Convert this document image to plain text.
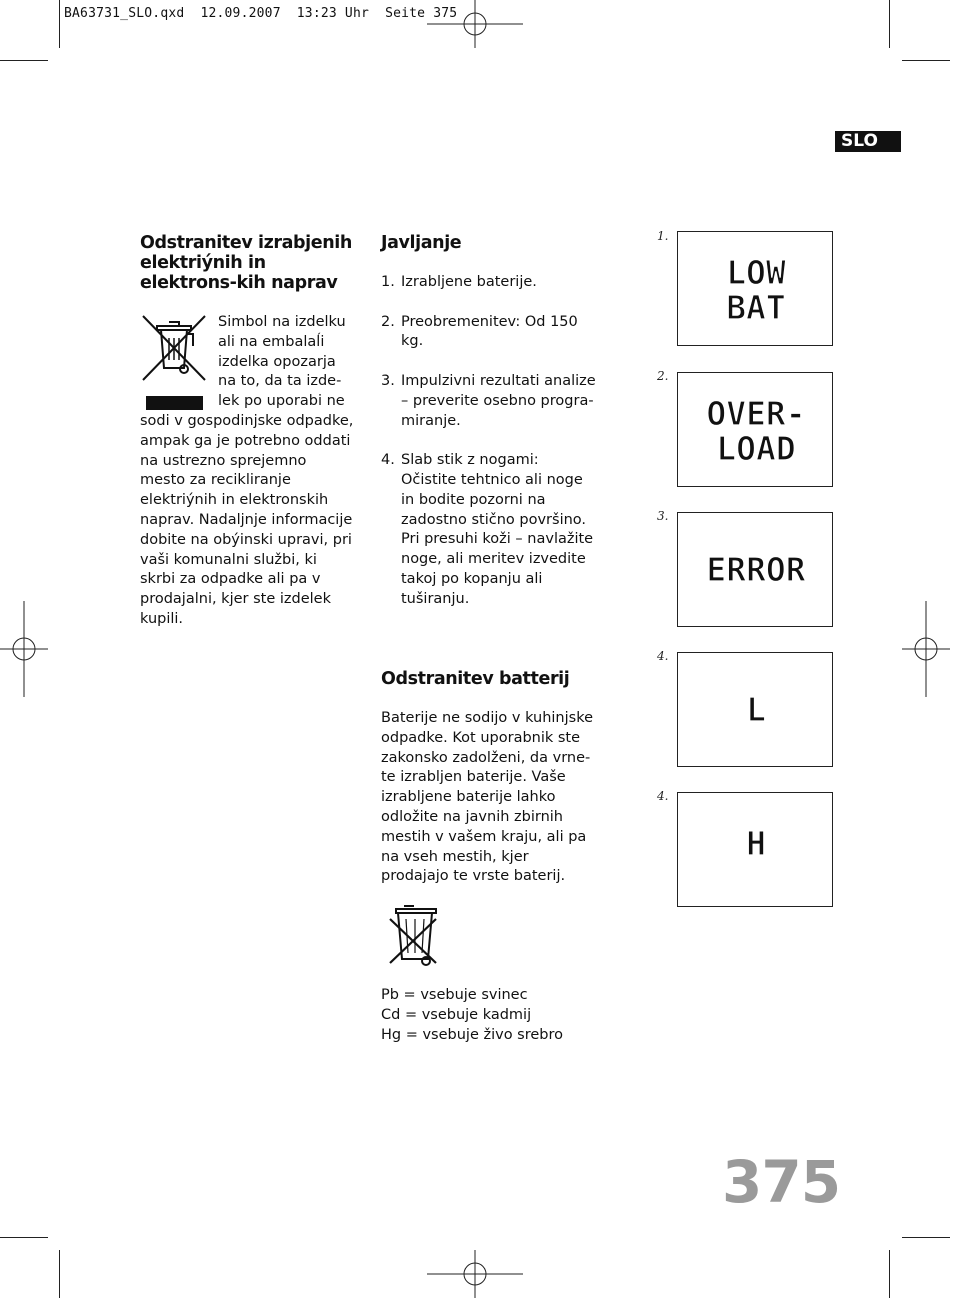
BA63731_SLO.qxd  12.09.2007  13:23 Uhr  Seite 375
SLO
Odstranitev izrabjenih elektriýnih in elektrons-kih naprav
Simbol na izdelku ali na embalaĺi izdelka opozarja na to, da ta izde-lek po uporabi ne
sodi v gospodinjske odpadke, ampak ga je potrebno oddati na ustrezno sprejemno mesto za recikliranje elektriýnih in elektronskih naprav. Nadaljnje informacije dobite na obýinski upravi, pri vaši komunalni službi, ki skrbi za odpadke ali pa v prodajalni, kjer ste izdelek kupili.
Javljanje
1. Izrabljene baterije.
2. Preobremenitev: Od 150 kg.
3. Impulzivni rezultati analize – preverite osebno progra-miranje.
4. Slab stik z nogami: Očistite tehtnico ali noge in bodite pozorni na zadostno stično površino. Pri presuhi koži – navlažite noge, ali meritev izvedite takoj po kopanju ali tuširanju.
Odstranitev batterij
Baterije ne sodijo v kuhinjske odpadke. Kot uporabnik ste zakonsko zadolženi, da vrne-te izrabljen baterije. Vaše izrabljene baterije lahko odložite na javnih zbirnih mestih v vašem kraju, ali pa na vseh mestih, kjer prodajajo te vrste baterij.
Pb = vsebuje svinec
Cd = vsebuje kadmij
Hg = vsebuje živo srebro
1.
LOW
BAT
2.
OVER-
LOAD
3.
ERROR
4.
L
4.
H
375
